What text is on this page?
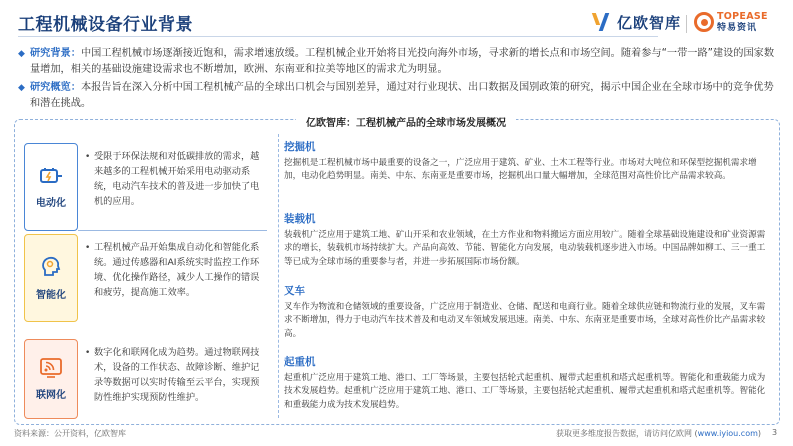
工程机械设备行业背景	亿欧智库	TOPEASE
特易资讯
◆ 研究背景：中国工程机械市场逐渐接近饱和，需求增速放缓。工程机械企业开始将目光投向海外市场，寻求新的增长点和市场空间。随着参与“一带一路”建设的国家数量增加，相关的基础设施建设需求也不断增加，欧洲、东南亚和拉美等地区的需求尤为明显。
◆ 研究概览：本报告旨在深入分析中国工程机械产品的全球出口机会与国别差异，通过对行业现状、出口数据及国别政策的研究，揭示中国企业在全球市场中的竞争优势和潜在挑战。
亿欧智库：工程机械产品的全球市场发展概况
电动化
• 受限于环保法规和对低碳排放的需求，越来越多的工程机械开始采用电动驱动系统，电动汽车技术的普及进一步加快了电机的应用。
智能化
• 工程机械产品开始集成自动化和智能化系统。通过传感器和AI系统实时监控工作环境、优化操作路径，减少人工操作的错误和疲劳，提高施工效率。
联网化
• 数字化和联网化成为趋势。通过物联网技术，设备的工作状态、故障诊断、维护记录等数据可以实时传输至云平台，实现预防性维护实现预防性维护。
挖掘机
挖掘机是工程机械市场中最重要的设备之一，广泛应用于建筑、矿业、土木工程等行业。市场对大吨位和环保型挖掘机需求增加，电动化趋势明显。南美、中东、东南亚是重要市场，挖掘机出口量大幅增加，全球范围对高性价比产品需求较高。
装载机
装载机广泛应用于建筑工地、矿山开采和农业领域，在土方作业和物料搬运方面应用较广。随着全球基础设施建设和矿业资源需求的增长，装载机市场持续扩大。产品向高效、节能、智能化方向发展，电动装载机逐步进入市场。中国品牌如柳工、三一重工等已成为全球市场的重要参与者，并进一步拓展国际市场份额。
叉车
叉车作为物流和仓储领域的重要设备，广泛应用于制造业、仓储、配送和电商行业。随着全球供应链和物流行业的发展，叉车需求不断增加，得力于电动汽车技术普及和电动叉车领域发展迅速。南美、中东、东南亚是重要市场，全球对高性价比产品需求较高。
起重机
起重机广泛应用于建筑工地、港口、工厂等场景，主要包括轮式起重机、履带式起重机和塔式起重机等。智能化和重载能力成为技术发展趋势。起重机广泛应用于建筑工地、港口、工厂等场景，主要包括轮式起重机、履带式起重机和塔式起重机等。智能化和重载能力成为技术发展趋势。
资料来源：公开资料，亿欧智库	获取更多维度报告数据，请访问亿欧网 (www.iyiou.com) 3
